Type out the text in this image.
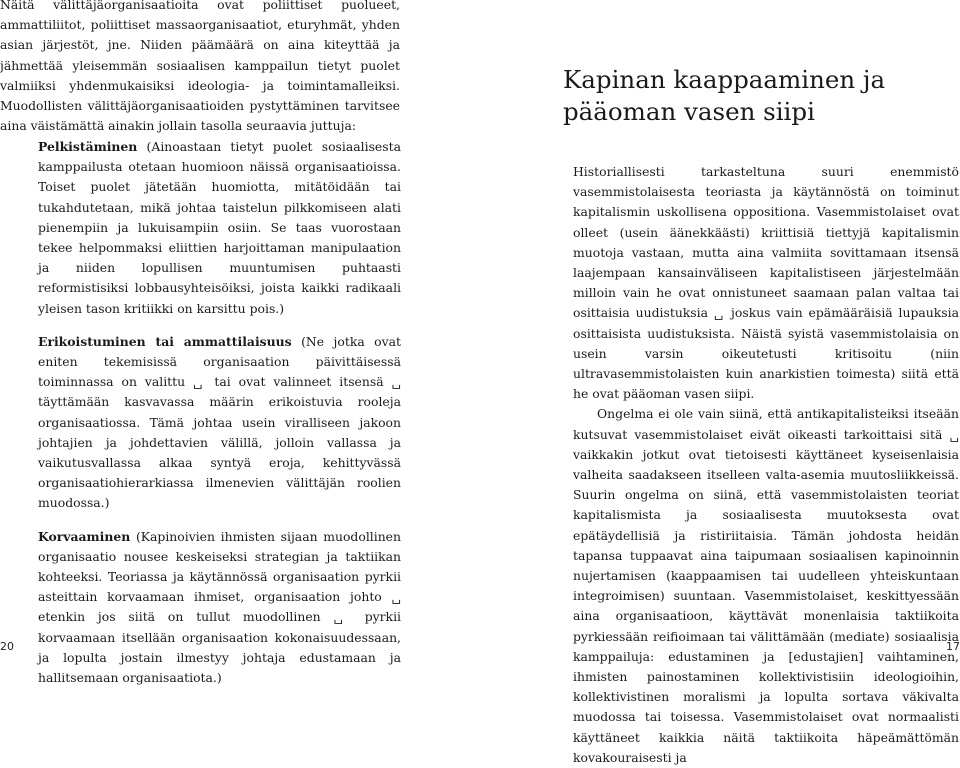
Näitä välittäjäorganisaatioita ovat poliittiset puolueet, ammattiliitot, poliittiset massaorganisaatiot, eturyhmät, yhden asian järjestöt, jne. Niiden päämäärä on aina kiteyttää ja jähmettää yleisemmän sosiaalisen kamppailun tietyt puolet valmiiksi yhdenmukaisiksi ideologia- ja toimintamalleiksi. Muodollisten välittäjäorganisaatioiden pystyttäminen tarvitsee aina väistämättä ainakin jollain tasolla seuraavia juttuja:

Pelkistäminen (Ainoastaan tietyt puolet sosiaalisesta kamppailusta otetaan huomioon näissä organisaatioissa. Toiset puolet jätetään huomiotta, mitätöidään tai tukahdutetaan, mikä johtaa taistelun pilkkomiseen alati pienempiin ja lukuisampiin osiin. Se taas vuorostaan tekee helpommaksi eliittien harjoittaman manipulaation ja niiden lopullisen muuntumisen puhtaasti reformistisiksi lobbausyhteisöiksi, joista kaikki radikaali yleisen tason kritiikki on karsittu pois.)

Erikoistuminen tai ammattilaisuus (Ne jotka ovat eniten tekemisissä organisaation päivittäisessä toiminnassa on valittu ␣ tai ovat valinneet itsensä ␣ täyttämään kasvavassa määrin erikoistuvia rooleja organisaatiossa. Tämä johtaa usein viralliseen jakoon johtajien ja johdettavien välillä, jolloin vallassa ja vaikutusvallassa alkaa syntyä eroja, kehittyvässä organisaatiohierarkiassa ilmenevien välittäjän roolien muodossa.)

Korvaaminen (Kapinoivien ihmisten sijaan muodollinen organisaatio nousee keskeiseksi strategian ja taktiikan kohteeksi. Teoriassa ja käytännössä organisaation pyrkii asteittain korvaamaan ihmiset, organisaation johto ␣ etenkin jos siitä on tullut muodollinen ␣ pyrkii korvaamaan itsellään organisaation kokonaisuudessaan, ja lopulta jostain ilmestyy johtaja edustamaan ja hallitsemaan organisaatiota.)

20
Kapinan kaappaaminen ja pääoman vasen siipi

Historiallisesti tarkasteltuna suuri enemmistö vasemmistolaisesta teoriasta ja käytännöstä on toiminut kapitalismin uskollisena oppositiona. Vasemmistolaiset ovat olleet (usein äänekkäästi) kriittisiä tiettyjä kapitalismin muotoja vastaan, mutta aina valmiita sovittamaan itsensä laajempaan kansainväliseen kapitalistiseen järjestelmään milloin vain he ovat onnistuneet saamaan palan valtaa tai osittaisia uudistuksia ␣ joskus vain epämääräisiä lupauksia osittaisista uudistuksista. Näistä syistä vasemmistolaisia on usein varsin oikeutetusti kritisoitu (niin ultravasemmistolaisten kuin anarkistien toimesta) siitä että he ovat pääoman vasen siipi.

Ongelma ei ole vain siinä, että antikapitalisteiksi itseään kutsuvat vasemmistolaiset eivät oikeasti tarkoittaisi sitä ␣ vaikkakin jotkut ovat tietoisesti käyttäneet kyseisenlaisia valheita saadakseen itselleen valta-asemia muutosliikkeissä. Suurin ongelma on siinä, että vasemmistolaisten teoriat kapitalismista ja sosiaalisesta muutoksesta ovat epätäydellisiä ja ristiriitaisia. Tämän johdosta heidän tapansa tuppaavat aina taipumaan sosiaalisen kapinoinnin nujertamisen (kaappaamisen tai uudelleen yhteiskuntaan integroimisen) suuntaan. Vasemmistolaiset, keskittyessään aina organisaatioon, käyttävät monenlaisia taktiikoita pyrkiessään reifioimaan tai välittämään (mediate) sosiaalisia kamppailuja: edustaminen ja [edustajien] vaihtaminen, ihmisten painostaminen kollektivistisiin ideologioihin, kollektivistinen moralismi ja lopulta sortava väkivalta muodossa tai toisessa. Vasemmistolaiset ovat normaalisti käyttäneet kaikkia näitä taktiikoita häpeämättömän kovakouraisesti ja

17
